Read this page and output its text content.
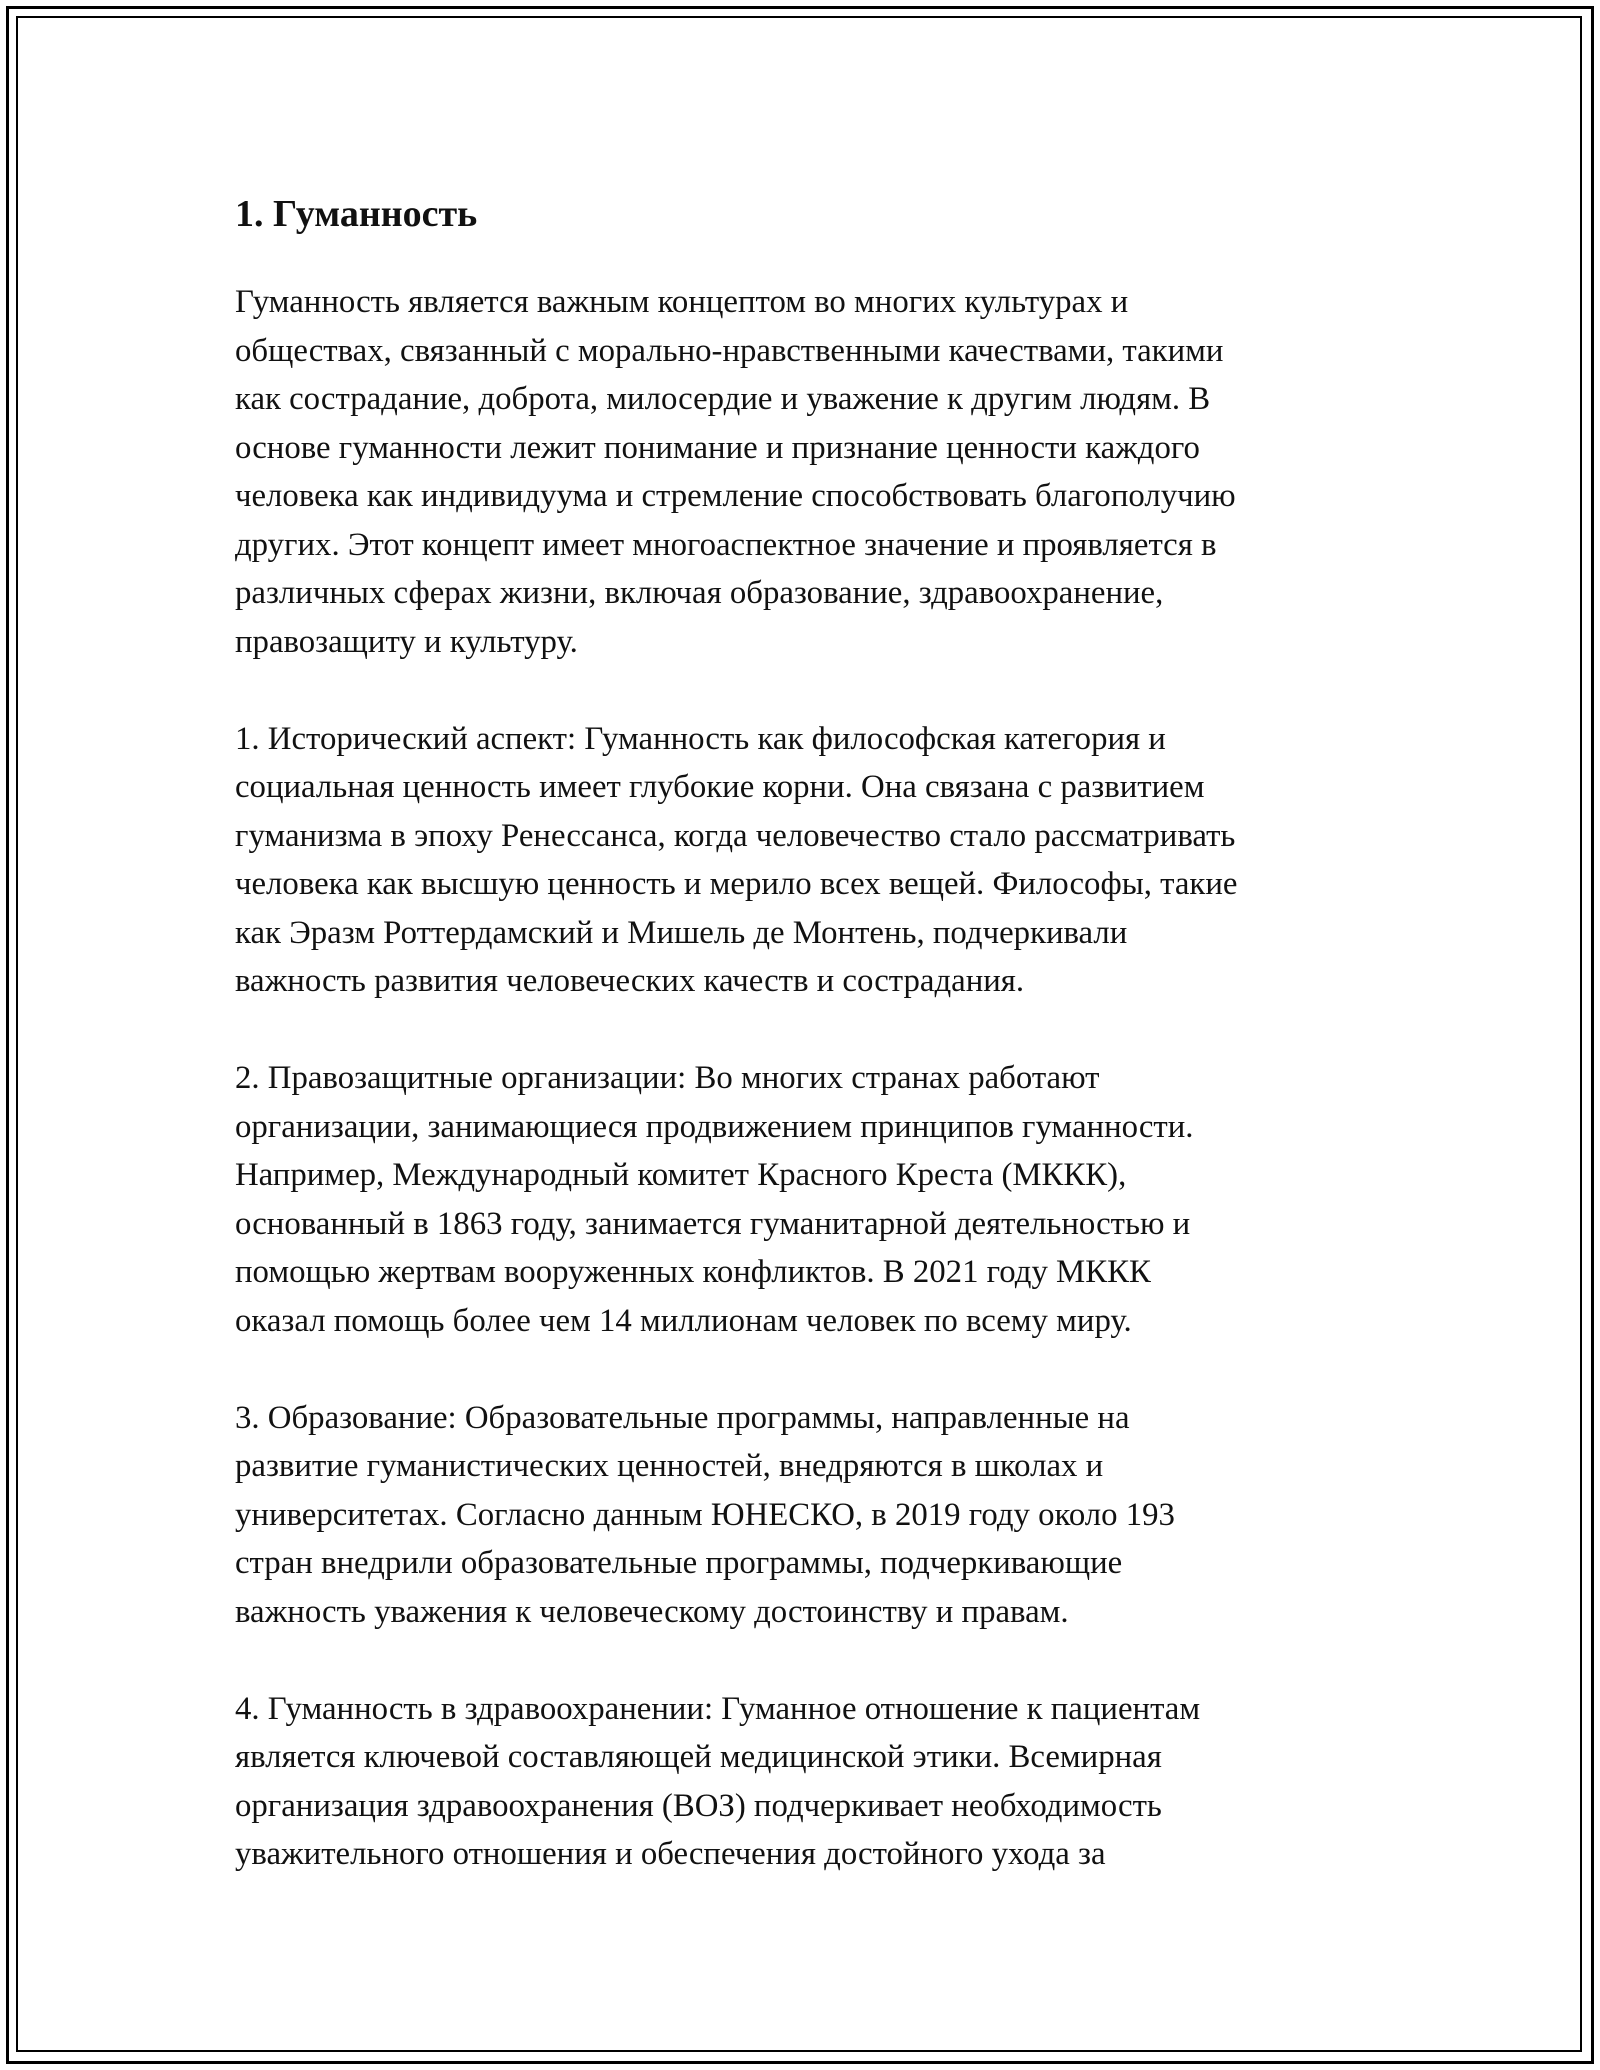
1. Гуманность

Гуманность является важным концептом во многих культурах и
обществах, связанный с морально-нравственными качествами, такими
как сострадание, доброта, милосердие и уважение к другим людям. В
основе гуманности лежит понимание и признание ценности каждого
человека как индивидуума и стремление способствовать благополучию
других. Этот концепт имеет многоаспектное значение и проявляется в
различных сферах жизни, включая образование, здравоохранение,
правозащиту и культуру.

1. Исторический аспект: Гуманность как философская категория и
социальная ценность имеет глубокие корни. Она связана с развитием
гуманизма в эпоху Ренессанса, когда человечество стало рассматривать
человека как высшую ценность и мерило всех вещей. Философы, такие
как Эразм Роттердамский и Мишель де Монтень, подчеркивали
важность развития человеческих качеств и сострадания.

2. Правозащитные организации: Во многих странах работают
организации, занимающиеся продвижением принципов гуманности.
Например, Международный комитет Красного Креста (МККК),
основанный в 1863 году, занимается гуманитарной деятельностью и
помощью жертвам вооруженных конфликтов. В 2021 году МККК
оказал помощь более чем 14 миллионам человек по всему миру.

3. Образование: Образовательные программы, направленные на
развитие гуманистических ценностей, внедряются в школах и
университетах. Согласно данным ЮНЕСКО, в 2019 году около 193
стран внедрили образовательные программы, подчеркивающие
важность уважения к человеческому достоинству и правам.

4. Гуманность в здравоохранении: Гуманное отношение к пациентам
является ключевой составляющей медицинской этики. Всемирная
организация здравоохранения (ВОЗ) подчеркивает необходимость
уважительного отношения и обеспечения достойного ухода за
